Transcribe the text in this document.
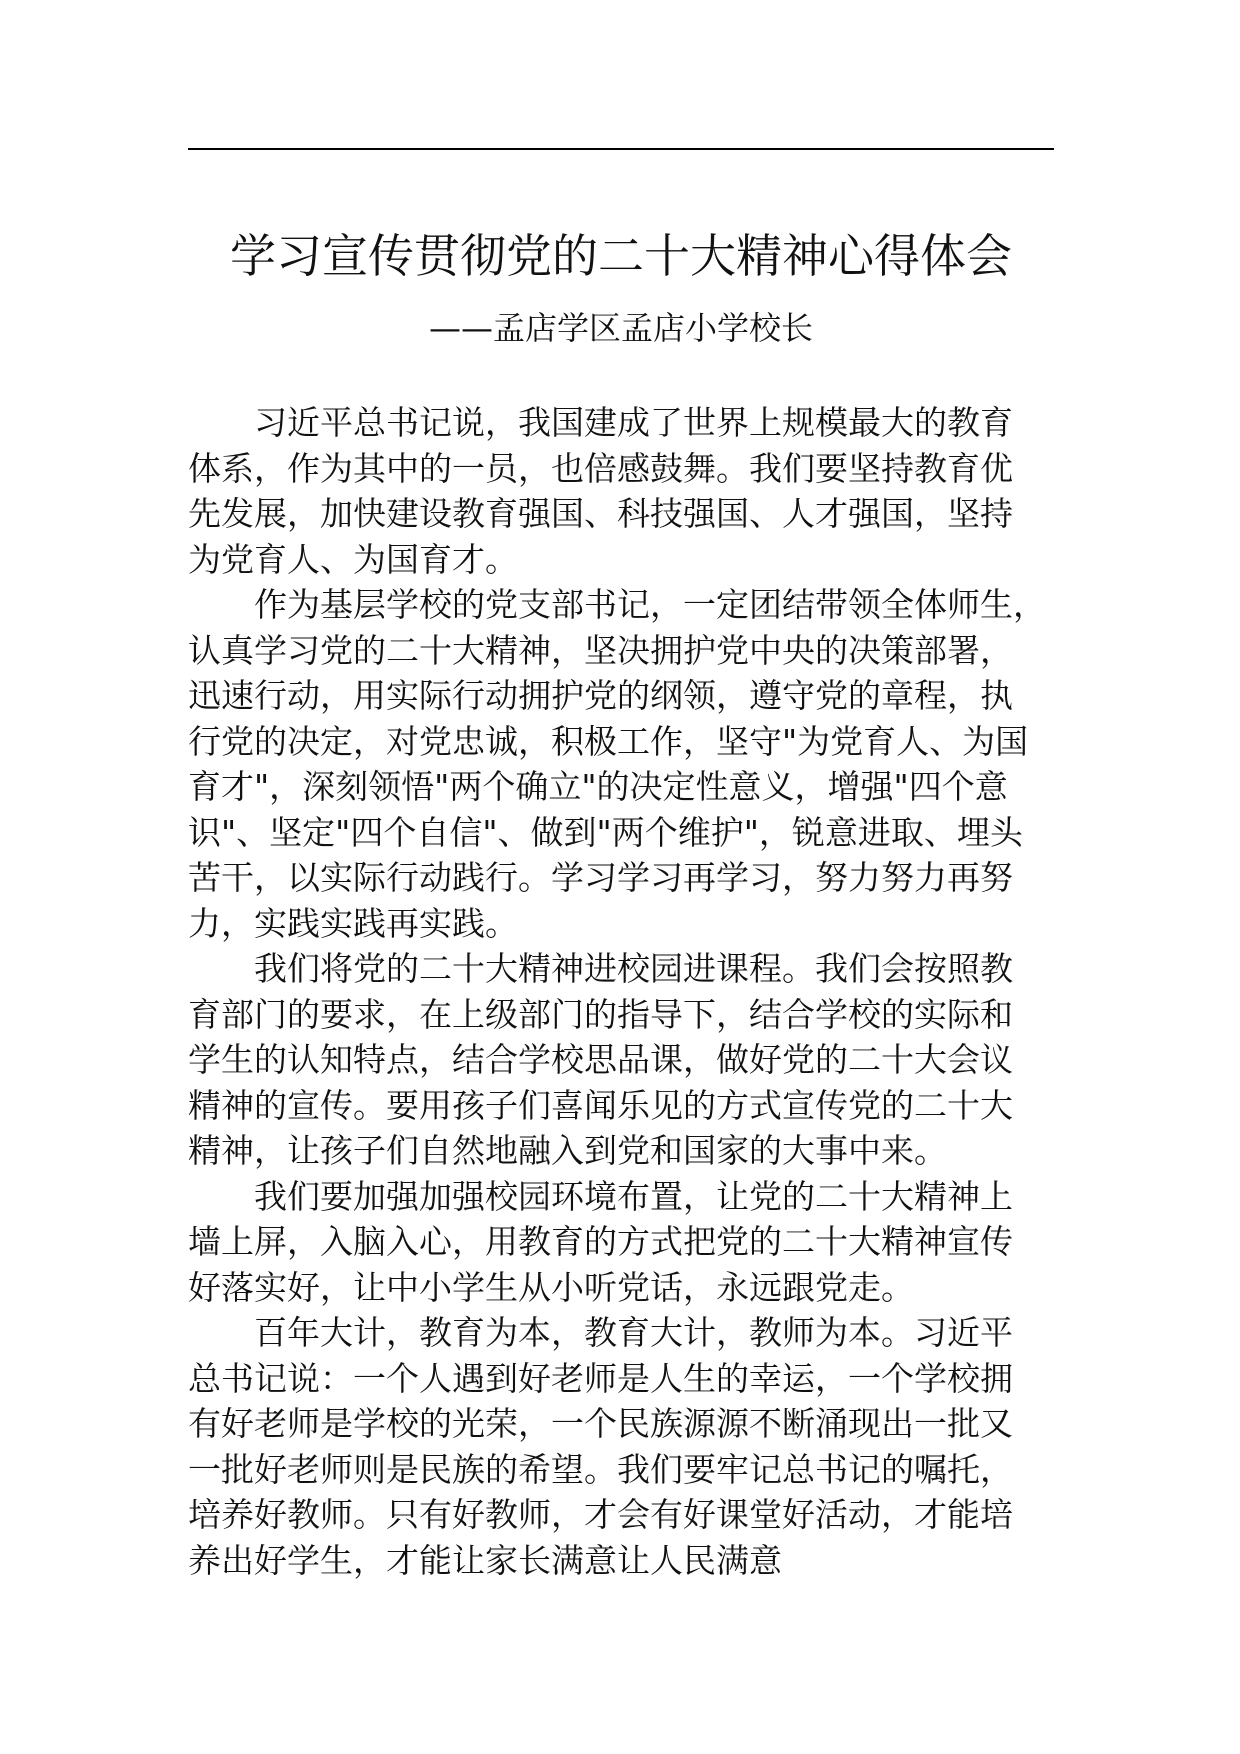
学习宣传贯彻党的二十大精神心得体会

——孟店学区孟店小学校长

习近平总书记说，我国建成了世界上规模最大的教育
体系，作为其中的一员，也倍感鼓舞。我们要坚持教育优
先发展，加快建设教育强国、科技强国、人才强国，坚持
为党育人、为国育才。

作为基层学校的党支部书记，一定团结带领全体师生，
认真学习党的二十大精神，坚决拥护党中央的决策部署，
迅速行动，用实际行动拥护党的纲领，遵守党的章程，执
行党的决定，对党忠诚，积极工作，坚守"为党育人、为国
育才"，深刻领悟"两个确立"的决定性意义，增强"四个意
识"、坚定"四个自信"、做到"两个维护"，锐意进取、埋头
苦干，以实际行动践行。学习学习再学习，努力努力再努
力，实践实践再实践。

我们将党的二十大精神进校园进课程。我们会按照教
育部门的要求，在上级部门的指导下，结合学校的实际和
学生的认知特点，结合学校思品课，做好党的二十大会议
精神的宣传。要用孩子们喜闻乐见的方式宣传党的二十大
精神，让孩子们自然地融入到党和国家的大事中来。

我们要加强加强校园环境布置，让党的二十大精神上
墙上屏，入脑入心，用教育的方式把党的二十大精神宣传
好落实好，让中小学生从小听党话，永远跟党走。

百年大计，教育为本，教育大计，教师为本。习近平
总书记说：一个人遇到好老师是人生的幸运，一个学校拥
有好老师是学校的光荣，一个民族源源不断涌现出一批又
一批好老师则是民族的希望。我们要牢记总书记的嘱托，
培养好教师。只有好教师，才会有好课堂好活动，才能培
养出好学生，才能让家长满意让人民满意
